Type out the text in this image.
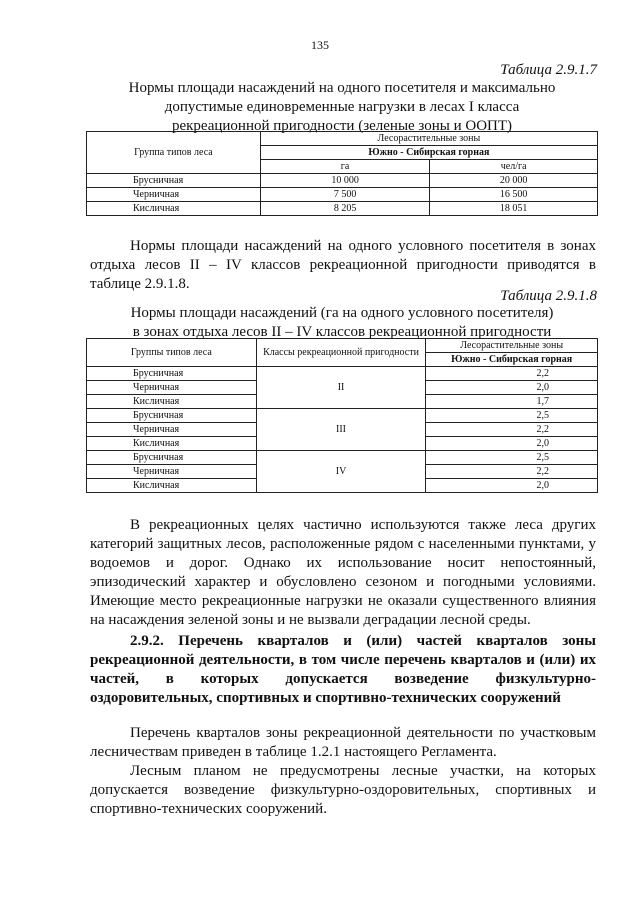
135
Таблица 2.9.1.7
Нормы площади насаждений на одного посетителя и максимально
допустимые единовременные нагрузки в лесах I класса
рекреационной пригодности (зеленые зоны и ООПТ)
Группа типов леса	Лесорастительные зоны	
	Южно - Сибирская горная	
	га	чел/га
Брусничная	10 000	20 000
Черничная	7 500	16 500
Кисличная	8 205	18 051

Нормы площади насаждений на одного условного посетителя в зонах отдыха лесов II – IV классов рекреационной пригодности приводятся в таблице 2.9.1.8.

Таблица 2.9.1.8
Нормы площади насаждений (га на одного условного посетителя)
в зонах отдыха лесов II – IV классов рекреационной пригодности
Группы типов леса	Классы рекреационной пригодности	Лесорастительные зоны
		Южно - Сибирская горная
Брусничная	II	2,2
Черничная		2,0
Кисличная		1,7
Брусничная	III	2,5
Черничная		2,2
Кисличная		2,0
Брусничная	IV	2,5
Черничная		2,2
Кисличная		2,0

В рекреационных целях частично используются также леса других категорий защитных лесов, расположенные рядом с населенными пунктами, у водоемов и дорог. Однако их использование носит непостоянный, эпизодический характер и обусловлено сезоном и погодными условиями. Имеющие место рекреационные нагрузки не оказали существенного влияния на насаждения зеленой зоны и не вызвали деградации лесной среды.

2.9.2. Перечень кварталов и (или) частей кварталов зоны рекреационной деятельности, в том числе перечень кварталов и (или) их частей, в которых допускается возведение физкультурно-оздоровительных, спортивных и спортивно-технических сооружений

Перечень кварталов зоны рекреационной деятельности по участковым лесничествам приведен в таблице 1.2.1 настоящего Регламента.

Лесным планом не предусмотрены лесные участки, на которых допускается возведение физкультурно-оздоровительных, спортивных и спортивно-технических сооружений.
